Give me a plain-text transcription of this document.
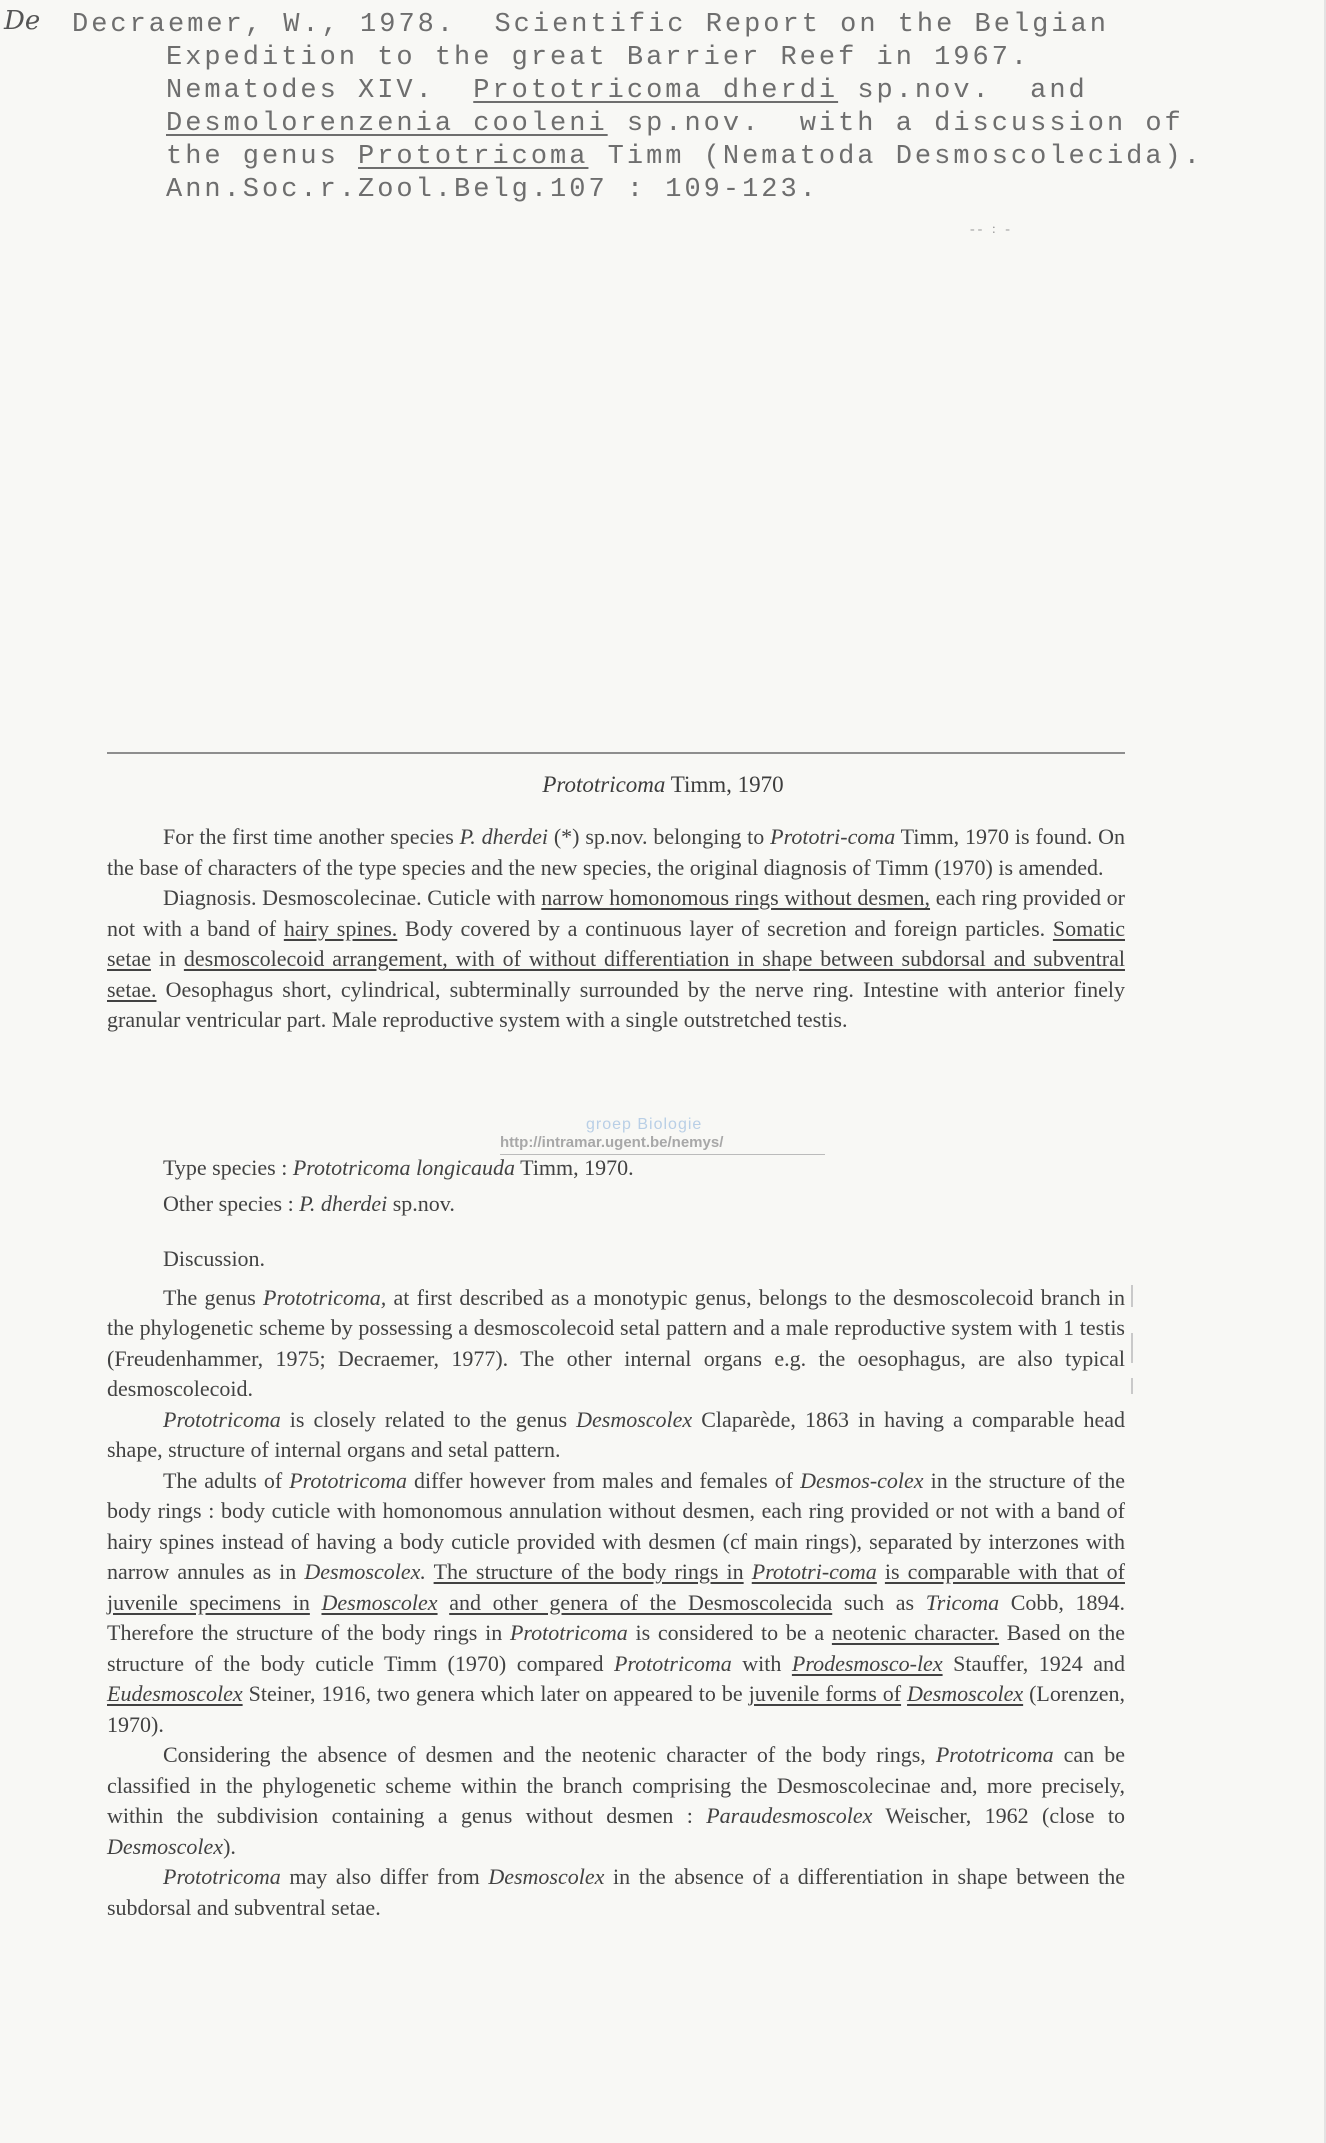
De Decraemer, W., 1978. Scientific Report on the Belgian
Expedition to the great Barrier Reef in 1967.
Nematodes XIV. Prototricoma dherdi sp.nov. and
Desmolorenzenia cooleni sp.nov. with a discussion of
the genus Prototricoma Timm (Nematoda Desmoscolecida).
Ann.Soc.r.Zool.Belg.107 : 109-123.
-- : -
Prototricoma Timm, 1970

For the first time another species P. dherdei (*) sp.nov. belonging to Prototri-coma Timm, 1970 is found. On the base of characters of the type species and the new species, the original diagnosis of Timm (1970) is amended.

Diagnosis. Desmoscolecinae. Cuticle with narrow homonomous rings without desmen, each ring provided or not with a band of hairy spines. Body covered by a continuous layer of secretion and foreign particles. Somatic setae in desmoscolecoid arrangement, with of without differentiation in shape between subdorsal and subventral setae. Oesophagus short, cylindrical, subterminally surrounded by the nerve ring. Intestine with anterior finely granular ventricular part. Male reproductive system with a single outstretched testis.

groep Biologie
http://intramar.ugent.be/nemys/

Type species : Prototricoma longicauda Timm, 1970.

Other species : P. dherdei sp.nov.

Discussion.

The genus Prototricoma, at first described as a monotypic genus, belongs to the desmoscolecoid branch in the phylogenetic scheme by possessing a desmoscolecoid setal pattern and a male reproductive system with 1 testis (Freudenhammer, 1975; Decraemer, 1977). The other internal organs e.g. the oesophagus, are also typical desmoscolecoid.

Prototricoma is closely related to the genus Desmoscolex Claparède, 1863 in having a comparable head shape, structure of internal organs and setal pattern.

The adults of Prototricoma differ however from males and females of Desmos-colex in the structure of the body rings : body cuticle with homonomous annulation without desmen, each ring provided or not with a band of hairy spines instead of having a body cuticle provided with desmen (cf main rings), separated by interzones with narrow annules as in Desmoscolex. The structure of the body rings in Prototri-coma is comparable with that of juvenile specimens in Desmoscolex and other genera of the Desmoscolecida such as Tricoma Cobb, 1894. Therefore the structure of the body rings in Prototricoma is considered to be a neotenic character. Based on the structure of the body cuticle Timm (1970) compared Prototricoma with Prodesmosco-lex Stauffer, 1924 and Eudesmoscolex Steiner, 1916, two genera which later on appeared to be juvenile forms of Desmoscolex (Lorenzen, 1970).

Considering the absence of desmen and the neotenic character of the body rings, Prototricoma can be classified in the phylogenetic scheme within the branch comprising the Desmoscolecinae and, more precisely, within the subdivision containing a genus without desmen : Paraudesmoscolex Weischer, 1962 (close to Desmoscolex).

Prototricoma may also differ from Desmoscolex in the absence of a differentiation in shape between the subdorsal and subventral setae.
